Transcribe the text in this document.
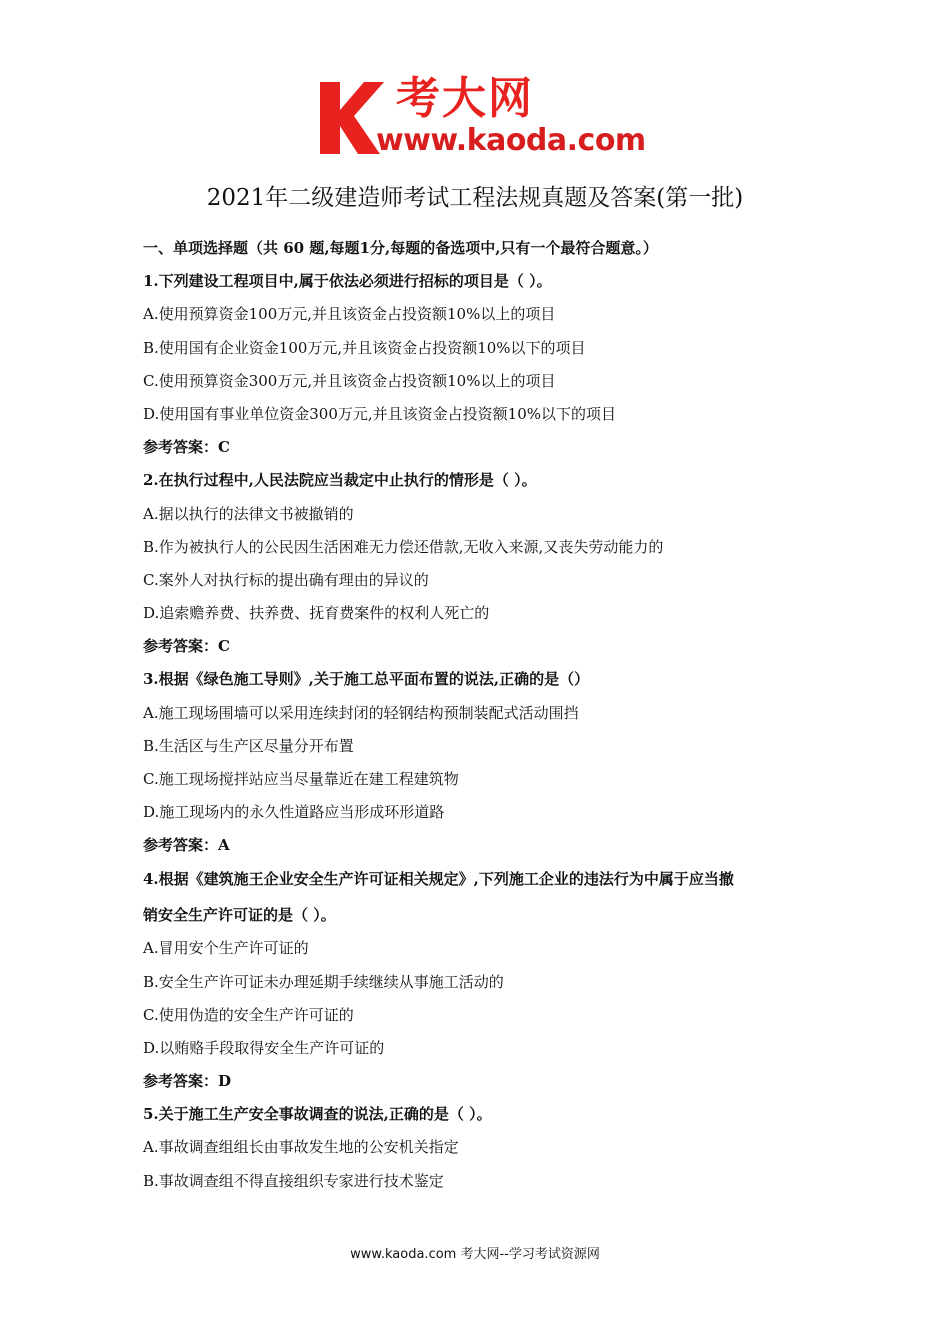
考大网
www.kaoda.com
2021年二级建造师考试工程法规真题及答案(第一批)
一、单项选择题（共 60 题,每题1分,每题的备选项中,只有一个最符合题意。）
1.下列建设工程项目中,属于依法必须进行招标的项目是（ ）。
A.使用预算资金100万元,并且该资金占投资额10%以上的项目
B.使用国有企业资金100万元,并且该资金占投资额10%以下的项目
C.使用预算资金300万元,并且该资金占投资额10%以上的项目
D.使用国有事业单位资金300万元,并且该资金占投资额10%以下的项目
参考答案：C
2.在执行过程中,人民法院应当裁定中止执行的情形是（ ）。
A.据以执行的法律文书被撤销的
B.作为被执行人的公民因生活困难无力偿还借款,无收入来源,又丧失劳动能力的
C.案外人对执行标的提出确有理由的异议的
D.追索赡养费、扶养费、抚育费案件的权利人死亡的
参考答案：C
3.根据《绿色施工导则》,关于施工总平面布置的说法,正确的是（）
A.施工现场围墙可以采用连续封闭的轻钢结构预制装配式活动围挡
B.生活区与生产区尽量分开布置
C.施工现场搅拌站应当尽量靠近在建工程建筑物
D.施工现场内的永久性道路应当形成环形道路
参考答案：A
4.根据《建筑施王企业安全生产许可证相关规定》,下列施工企业的违法行为中属于应当撤
销安全生产许可证的是（ ）。
A.冒用安个生产许可证的
B.安全生产许可证未办理延期手续继续从事施工活动的
C.使用伪造的安全生产许可证的
D.以贿赂手段取得安全生产许可证的
参考答案：D
5.关于施工生产安全事故调查的说法,正确的是（ ）。
A.事故调查组组长由事故发生地的公安机关指定
B.事故调查组不得直接组织专家进行技术鉴定
www.kaoda.com 考大网--学习考试资源网
